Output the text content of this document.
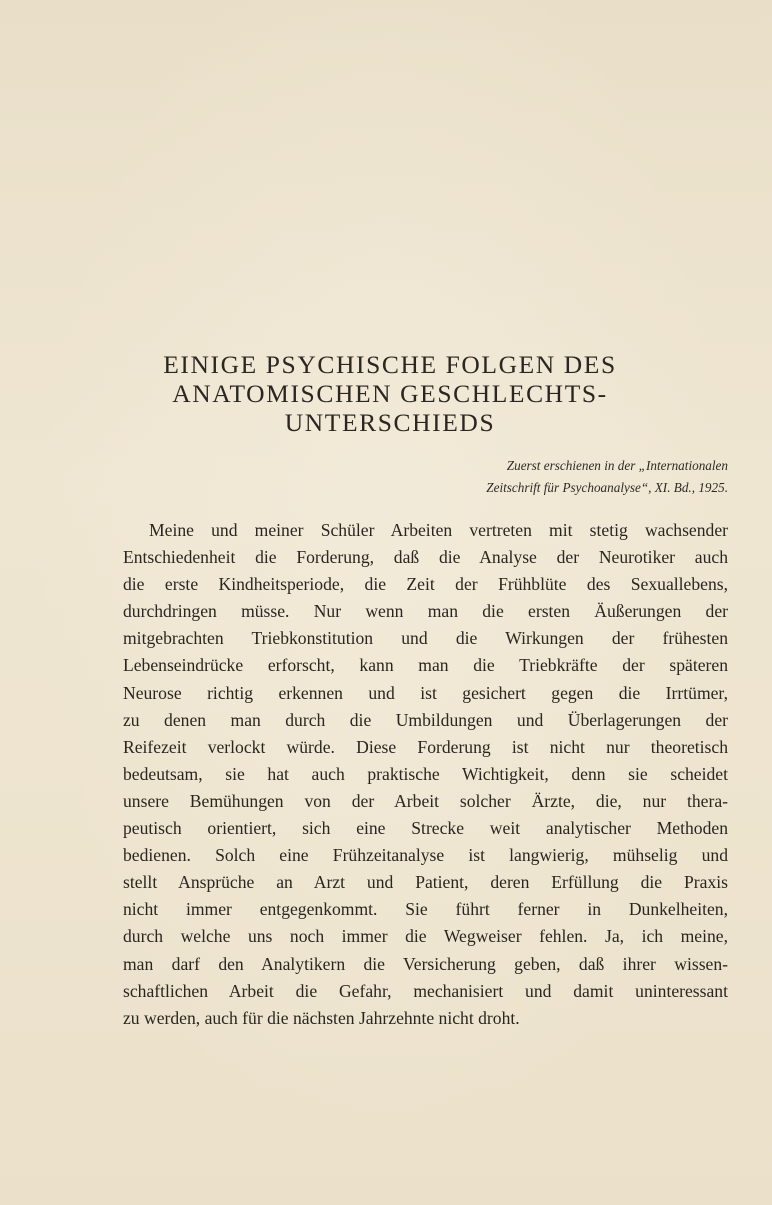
EINIGE PSYCHISCHE FOLGEN DES
ANATOMISCHEN GESCHLECHTS-
UNTERSCHIEDS
Zuerst erschienen in der „Internationalen
Zeitschrift für Psychoanalyse“, XI. Bd., 1925.

Meine und meiner Schüler Arbeiten vertreten mit stetig wachsender
Entschiedenheit die Forderung, daß die Analyse der Neurotiker auch
die erste Kindheitsperiode, die Zeit der Frühblüte des Sexuallebens,
durchdringen müsse. Nur wenn man die ersten Äußerungen der
mitgebrachten Triebkonstitution und die Wirkungen der frühesten
Lebenseindrücke erforscht, kann man die Triebkräfte der späteren
Neurose richtig erkennen und ist gesichert gegen die Irrtümer,
zu denen man durch die Umbildungen und Überlagerungen der
Reifezeit verlockt würde. Diese Forderung ist nicht nur theoretisch
bedeutsam, sie hat auch praktische Wichtigkeit, denn sie scheidet
unsere Bemühungen von der Arbeit solcher Ärzte, die, nur thera-
peutisch orientiert, sich eine Strecke weit analytischer Methoden
bedienen. Solch eine Frühzeitanalyse ist langwierig, mühselig und
stellt Ansprüche an Arzt und Patient, deren Erfüllung die Praxis
nicht immer entgegenkommt. Sie führt ferner in Dunkelheiten,
durch welche uns noch immer die Wegweiser fehlen. Ja, ich meine,
man darf den Analytikern die Versicherung geben, daß ihrer wissen-
schaftlichen Arbeit die Gefahr, mechanisiert und damit uninteressant
zu werden, auch für die nächsten Jahrzehnte nicht droht.
